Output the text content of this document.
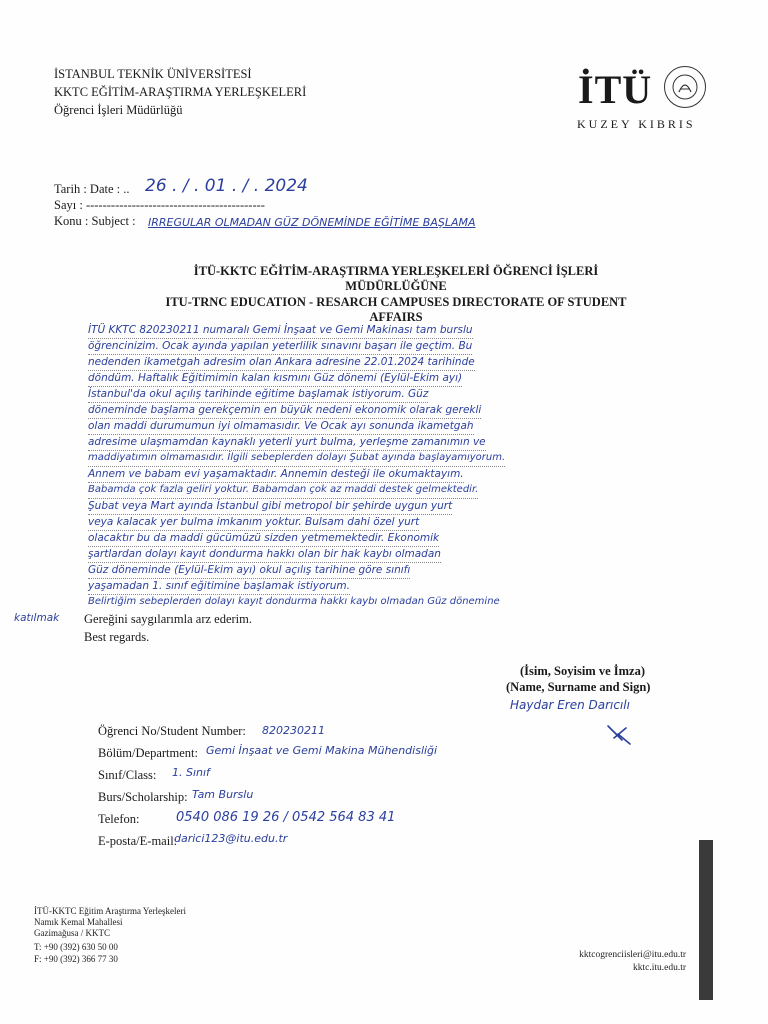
İSTANBUL TEKNİK ÜNİVERSİTESİ
KKTC EĞİTİM-ARAŞTIRMA YERLEŞKELERİ
Öğrenci İşleri Müdürlüğü	İTÜ
KUZEY KIBRIS
Tarih : Date : .. 26 . / . 01 . / . 2024
Sayı : -------------------------------------------
Konu : Subject : IRREGULAR OLMADAN GÜZ DÖNEMİNDE EĞİTİME BAŞLAMA
İTÜ-KKTC EĞİTİM-ARAŞTIRMA YERLEŞKELERİ ÖĞRENCİ İŞLERİ
MÜDÜRLÜĞÜNE
ITU-TRNC EDUCATION - RESARCH CAMPUSES DIRECTORATE OF STUDENT
AFFAIRS
İTÜ KKTC 820230211 numaralı Gemi İnşaat ve Gemi Makinası tam burslu
öğrencinizim. Ocak ayında yapılan yeterlilik sınavını başarı ile geçtim. Bu
nedenden ikametgah adresim olan Ankara adresine 22.01.2024 tarihinde
döndüm. Haftalık Eğitimimin kalan kısmını Güz dönemi (Eylül-Ekim ayı)
İstanbul'da okul açılış tarihinde eğitime başlamak istiyorum. Güz
döneminde başlama gerekçemin en büyük nedeni ekonomik olarak gerekli
olan maddi durumumun iyi olmamasıdır. Ve Ocak ayı sonunda ikametgah
adresime ulaşmamdan kaynaklı yeterli yurt bulma, yerleşme zamanımın ve
maddiyatımın olmamasıdır. İlgili sebeplerden dolayı Şubat ayında başlayamıyorum.
Annem ve babam evi yaşamaktadır. Annemin desteği ile okumaktayım.
Babamda çok fazla geliri yoktur. Babamdan çok az maddi destek gelmektedir.
Şubat veya Mart ayında İstanbul gibi metropol bir şehirde uygun yurt
veya kalacak yer bulma imkanım yoktur. Bulsam dahi özel yurt
olacaktır bu da maddi gücümüzü sizden yetmemektedir. Ekonomik
şartlardan dolayı kayıt dondurma hakkı olan bir hak kaybı olmadan
Güz döneminde (Eylül-Ekim ayı) okul açılış tarihine göre sınıfı
yaşamadan 1. sınıf eğitimine başlamak istiyorum.
Belirtiğim sebeplerden dolayı kayıt dondurma hakkı kaybı olmadan Güz dönemine
katılmak Gereğini saygılarımla arz ederim.
Best regards.
(İsim, Soyisim ve İmza)
(Name, Surname and Sign)
Haydar Eren Darıcılı
Öğrenci No/Student Number: 820230211
Bölüm/Department: Gemi İnşaat ve Gemi Makina Mühendisliği
Sınıf/Class: 1. Sınıf
Burs/Scholarship: Tam Burslu
Telefon:	0540 086 19 26 / 0542 564 83 41
E-posta/E-mail:
darici123@itu.edu.tr
İTÜ-KKTC Eğitim Araştırma Yerleşkeleri
Namık Kemal Mahallesi
Gazimağusa / KKTC
T: +90 (392) 630 50 00
F: +90 (392) 366 77 30	kktcogrenciisleri@itu.edu.tr
kktc.itu.edu.tr
